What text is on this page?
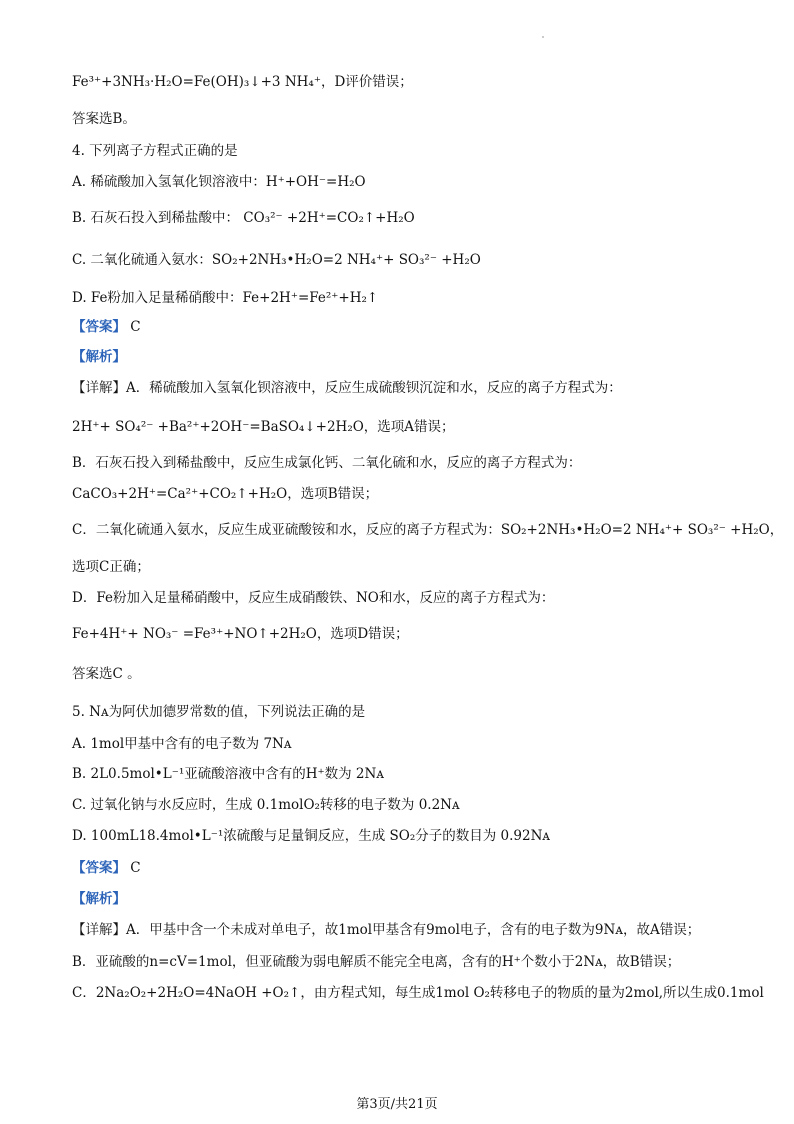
Fe³⁺+3NH₃·H₂O=Fe(OH)₃↓+3 NH₄⁺，D评价错误；
答案选B。
4. 下列离子方程式正确的是
A. 稀硫酸加入氢氧化钡溶液中：H⁺+OH⁻=H₂O
B. 石灰石投入到稀盐酸中： CO₃²⁻ +2H⁺=CO₂↑+H₂O
C. 二氧化硫通入氨水：SO₂+2NH₃•H₂O=2 NH₄⁺+ SO₃²⁻ +H₂O
D. Fe粉加入足量稀硝酸中：Fe+2H⁺=Fe²⁺+H₂↑
【答案】 C
【解析】
【详解】A．稀硫酸加入氢氧化钡溶液中，反应生成硫酸钡沉淀和水，反应的离子方程式为：
2H⁺+ SO₄²⁻ +Ba²⁺+2OH⁻=BaSO₄↓+2H₂O，选项A错误；
B．石灰石投入到稀盐酸中，反应生成氯化钙、二氧化硫和水，反应的离子方程式为：
CaCO₃+2H⁺=Ca²⁺+CO₂↑+H₂O，选项B错误；
C．二氧化硫通入氨水，反应生成亚硫酸铵和水，反应的离子方程式为：SO₂+2NH₃•H₂O=2 NH₄⁺+ SO₃²⁻ +H₂O，
选项C正确；
D．Fe粉加入足量稀硝酸中，反应生成硝酸铁、NO和水，反应的离子方程式为：
Fe+4H⁺+ NO₃⁻ =Fe³⁺+NO↑+2H₂O，选项D错误；
答案选C 。
5. Nᴀ为阿伏加德罗常数的值，下列说法正确的是
A. 1mol甲基中含有的电子数为 7Nᴀ
B. 2L0.5mol•L⁻¹亚硫酸溶液中含有的H⁺数为 2Nᴀ
C. 过氧化钠与水反应时，生成 0.1molO₂转移的电子数为 0.2Nᴀ
D. 100mL18.4mol•L⁻¹浓硫酸与足量铜反应，生成 SO₂分子的数目为 0.92Nᴀ
【答案】 C
【解析】
【详解】A．甲基中含一个未成对单电子，故1mol甲基含有9mol电子，含有的电子数为9Nᴀ，故A错误；
B．亚硫酸的n=cV=1mol，但亚硫酸为弱电解质不能完全电离，含有的H⁺个数小于2Nᴀ，故B错误；
C．2Na₂O₂+2H₂O=4NaOH +O₂↑，由方程式知，每生成1mol O₂转移电子的物质的量为2mol,所以生成0.1mol
第3页/共21页
